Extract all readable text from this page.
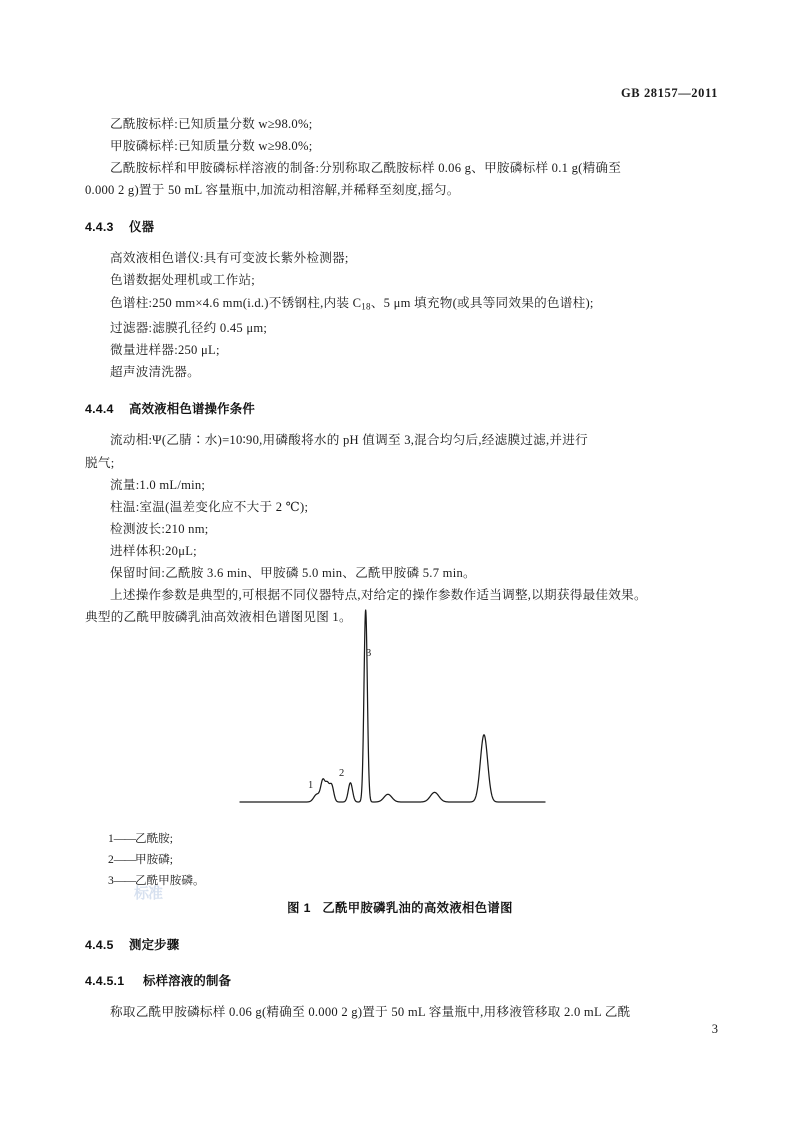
GB 28157—2011

乙酰胺标样:已知质量分数 w≥98.0%;

甲胺磷标样:已知质量分数 w≥98.0%;

乙酰胺标样和甲胺磷标样溶液的制备:分别称取乙酰胺标样 0.06 g、甲胺磷标样 0.1 g(精确至

0.000 2 g)置于 50 mL 容量瓶中,加流动相溶解,并稀释至刻度,摇匀。

4.4.3 仪器

高效液相色谱仪:具有可变波长紫外检测器;

色谱数据处理机或工作站;

色谱柱:250 mm×4.6 mm(i.d.)不锈钢柱,内装 $C_{18}$、5 μm 填充物(或具等同效果的色谱柱);

过滤器:滤膜孔径约 0.45 μm;

微量进样器:250 μL;

超声波清洗器。

4.4.4 高效液相色谱操作条件

流动相:Ψ(乙腈∶水)=10∶90,用磷酸将水的 pH 值调至 3,混合均匀后,经滤膜过滤,并进行

脱气;

流量:1.0 mL/min;

柱温:室温(温差变化应不大于 2 ℃);

检测波长:210 nm;

进样体积:20μL;

保留时间:乙酰胺 3.6 min、甲胺磷 5.0 min、乙酰甲胺磷 5.7 min。

上述操作参数是典型的,可根据不同仪器特点,对给定的操作参数作适当调整,以期获得最佳效果。

典型的乙酰甲胺磷乳油高效液相色谱图见图 1。

1
2
3
1——乙酰胺;
2——甲胺磷;
3——乙酰甲胺磷。
标准
图 1 乙酰甲胺磷乳油的高效液相色谱图

4.4.5 测定步骤

4.4.5.1 标样溶液的制备

称取乙酰甲胺磷标样 0.06 g(精确至 0.000 2 g)置于 50 mL 容量瓶中,用移液管移取 2.0 mL 乙酰

3
